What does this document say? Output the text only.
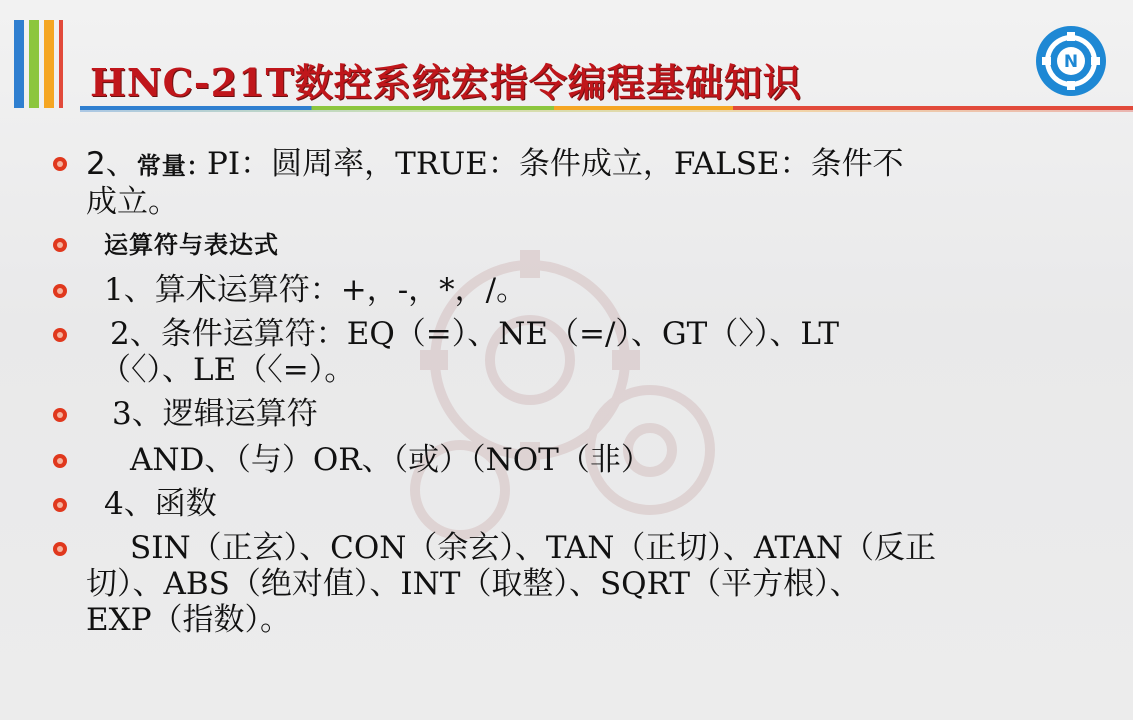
HNC-21T数控系统宏指令编程基础知识	N
2、常量: PI：圆周率，TRUE：条件成立，FALSE：条件不
成立。
运算符与表达式
1、算术运算符：+，-，*，/。
2、条件运算符：EQ（=）、NE（=/）、GT（〉）、LT
（〈）、LE（〈=）。
3、逻辑运算符
AND、（与）OR、（或）（NOT（非）
4、函数
SIN（正玄）、CON（余玄）、TAN（正切）、ATAN（反正
切）、ABS（绝对值）、INT（取整）、SQRT（平方根）、
EXP（指数）。
